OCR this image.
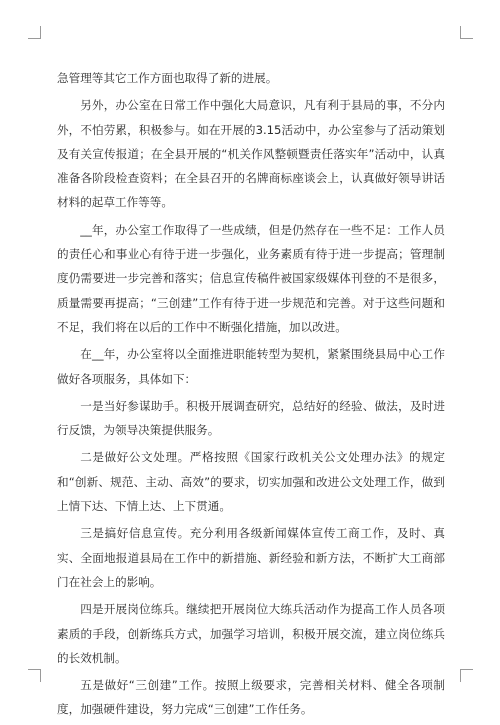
急管理等其它工作方面也取得了新的进展。

另外，办公室在日常工作中强化大局意识，凡有利于县局的事，不分内外，不怕劳累，积极参与。如在开展的3.15活动中，办公室参与了活动策划及有关宣传报道；在全县开展的“机关作风整顿暨责任落实年”活动中，认真准备各阶段检查资料；在全县召开的名牌商标座谈会上，认真做好领导讲话材料的起草工作等等。

__年，办公室工作取得了一些成绩，但是仍然存在一些不足：工作人员的责任心和事业心有待于进一步强化，业务素质有待于进一步提高；管理制度仍需要进一步完善和落实；信息宣传稿件被国家级媒体刊登的不是很多，质量需要再提高；“三创建”工作有待于进一步规范和完善。对于这些问题和不足，我们将在以后的工作中不断强化措施，加以改进。

在__年，办公室将以全面推进职能转型为契机，紧紧围绕县局中心工作做好各项服务，具体如下：

一是当好参谋助手。积极开展调查研究，总结好的经验、做法，及时进行反馈，为领导决策提供服务。

二是做好公文处理。严格按照《国家行政机关公文处理办法》的规定和“创新、规范、主动、高效”的要求，切实加强和改进公文处理工作，做到上情下达、下情上达、上下贯通。

三是搞好信息宣传。充分利用各级新闻媒体宣传工商工作，及时、真实、全面地报道县局在工作中的新措施、新经验和新方法，不断扩大工商部门在社会上的影响。

四是开展岗位练兵。继续把开展岗位大练兵活动作为提高工作人员各项素质的手段，创新练兵方式，加强学习培训，积极开展交流，建立岗位练兵的长效机制。

五是做好“三创建”工作。按照上级要求，完善相关材料、健全各项制度，加强硬件建设，努力完成“三创建”工作任务。
